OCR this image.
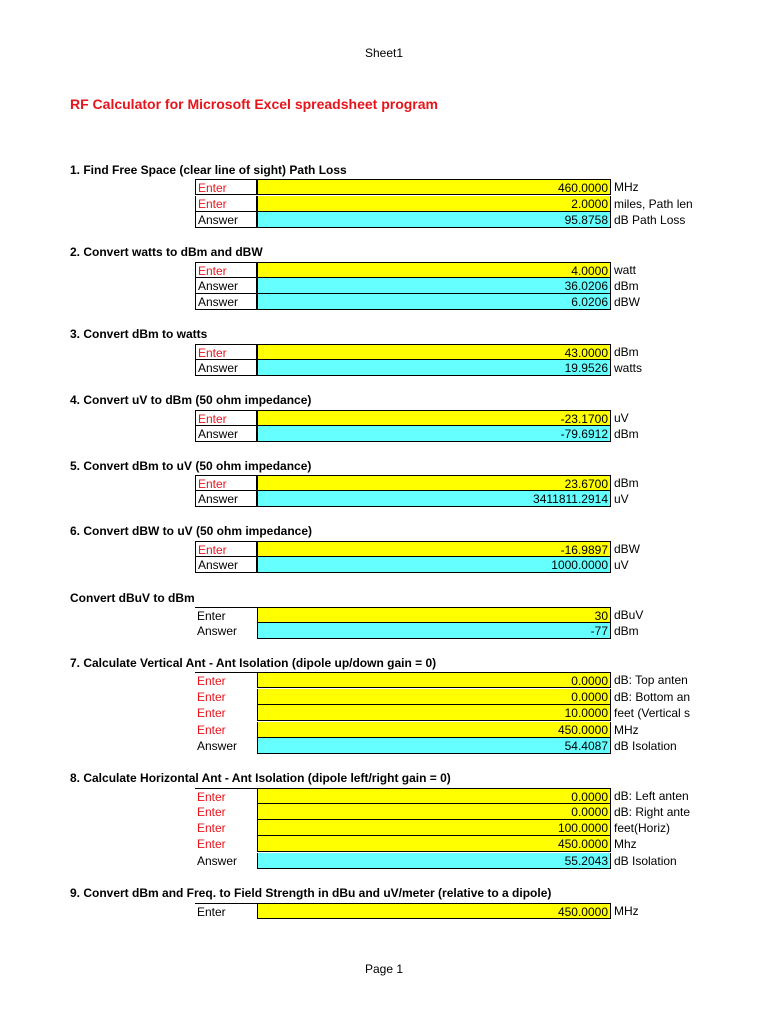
Sheet1
RF Calculator for Microsoft Excel spreadsheet program
1. Find Free Space (clear line of sight) Path Loss
Enter	460.0000 MHz
Enter	2.0000 miles, Path len
Answer	95.8758 dB Path Loss
2. Convert watts to dBm and dBW
Enter	4.0000 watt
Answer	36.0206 dBm
Answer	6.0206 dBW
3. Convert dBm to watts
Enter	43.0000 dBm
Answer	19.9526 watts
4. Convert uV to dBm (50 ohm impedance)
Enter	-23.1700 uV
Answer	-79.6912 dBm
5. Convert dBm to uV (50 ohm impedance)
Enter	23.6700 dBm
Answer	3411811.2914 uV
6. Convert dBW to uV (50 ohm impedance)
Enter	-16.9897 dBW
Answer	1000.0000 uV
Convert dBuV to dBm
Enter	30 dBuV
Answer	-77 dBm
7. Calculate Vertical Ant - Ant Isolation (dipole up/down gain = 0)
Enter	0.0000 dB: Top anten
Enter	0.0000 dB: Bottom an
Enter	10.0000 feet (Vertical s
Enter	450.0000 MHz
Answer	54.4087 dB Isolation
8. Calculate Horizontal Ant - Ant Isolation (dipole left/right gain = 0)
Enter	0.0000 dB: Left anten
Enter	0.0000 dB: Right ante
Enter	100.0000 feet(Horiz)
Enter	450.0000 Mhz
Answer	55.2043 dB Isolation
9. Convert dBm and Freq. to Field Strength in dBu and uV/meter (relative to a dipole)
Enter	450.0000 MHz
Page 1
